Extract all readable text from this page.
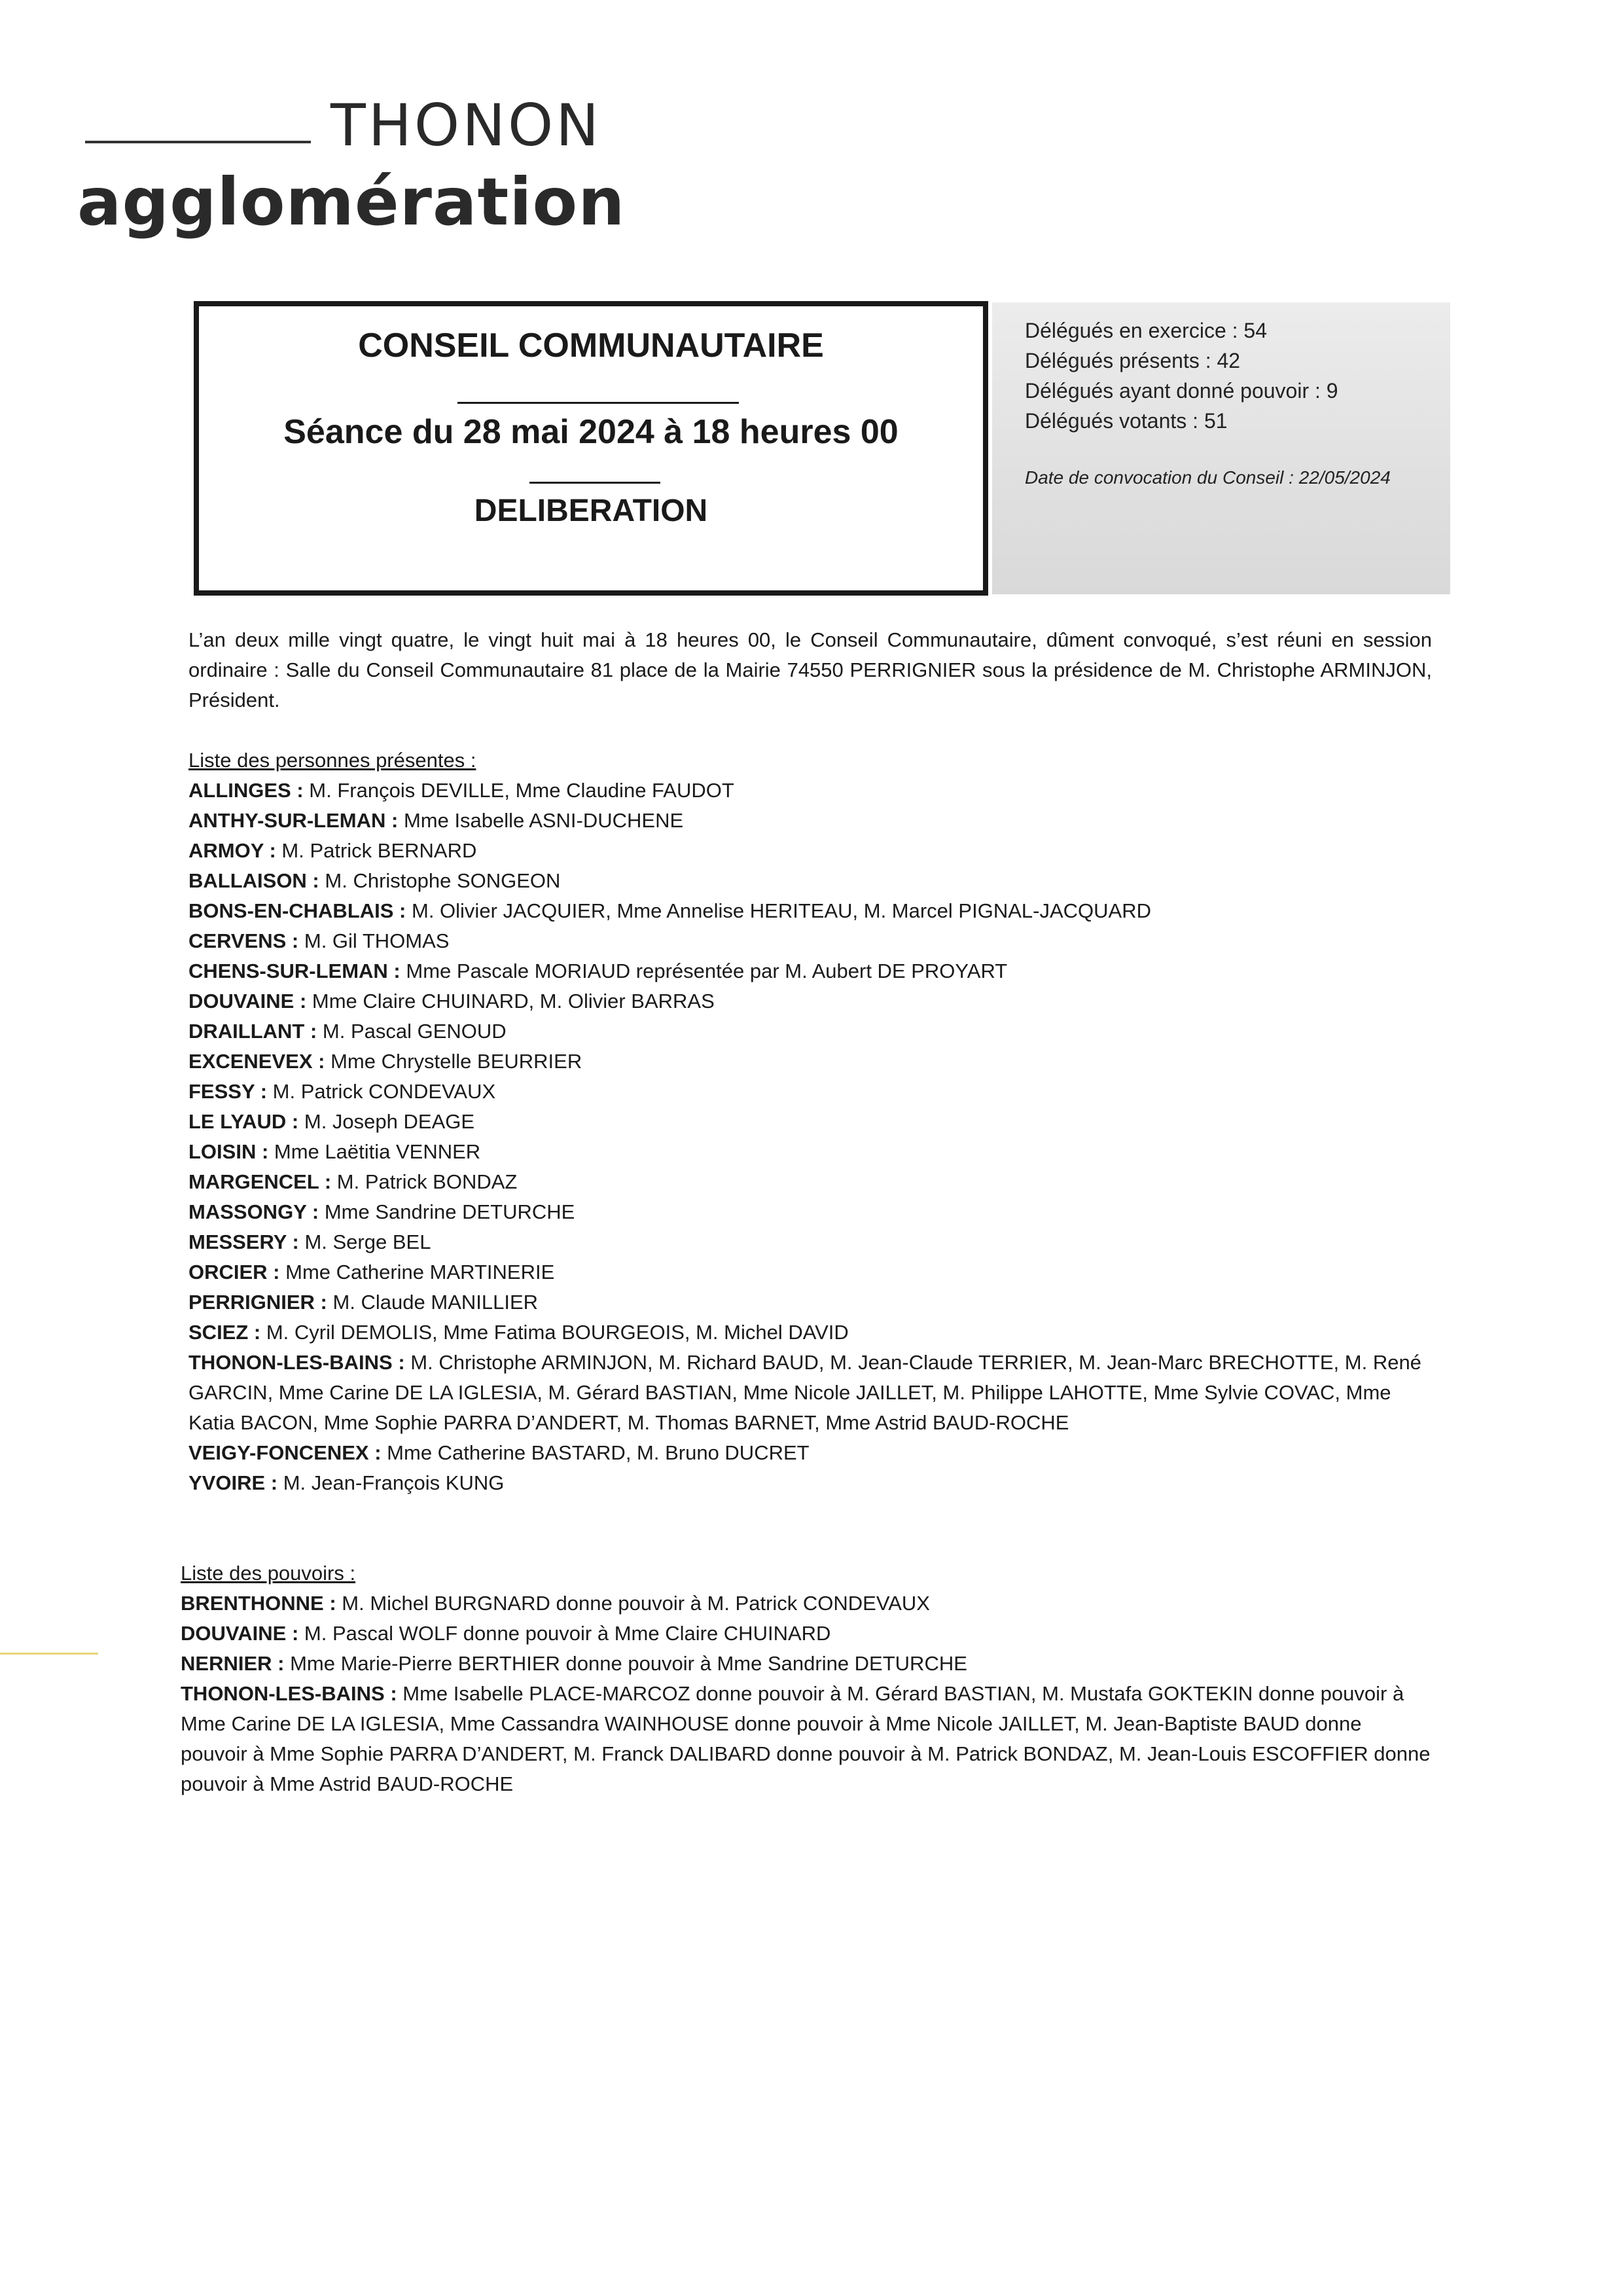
THONON
agglomération
CONSEIL COMMUNAUTAIRE
Séance du 28 mai 2024 à 18 heures 00
DELIBERATION
Délégués en exercice : 54
Délégués présents : 42
Délégués ayant donné pouvoir : 9
Délégués votants : 51
Date de convocation du Conseil : 22/05/2024

L’an deux mille vingt quatre, le vingt huit mai à 18 heures 00, le Conseil Communautaire, dûment convoqué, s’est réuni en session ordinaire : Salle du Conseil Communautaire 81 place de la Mairie 74550 PERRIGNIER sous la présidence de M. Christophe ARMINJON, Président.

Liste des personnes présentes :
ALLINGES : M. François DEVILLE, Mme Claudine FAUDOT
ANTHY-SUR-LEMAN : Mme Isabelle ASNI-DUCHENE
ARMOY : M. Patrick BERNARD
BALLAISON : M. Christophe SONGEON
BONS-EN-CHABLAIS : M. Olivier JACQUIER, Mme Annelise HERITEAU, M. Marcel PIGNAL-JACQUARD
CERVENS : M. Gil THOMAS
CHENS-SUR-LEMAN : Mme Pascale MORIAUD représentée par M. Aubert DE PROYART
DOUVAINE : Mme Claire CHUINARD, M. Olivier BARRAS
DRAILLANT : M. Pascal GENOUD
EXCENEVEX : Mme Chrystelle BEURRIER
FESSY : M. Patrick CONDEVAUX
LE LYAUD : M. Joseph DEAGE
LOISIN : Mme Laëtitia VENNER
MARGENCEL : M. Patrick BONDAZ
MASSONGY : Mme Sandrine DETURCHE
MESSERY : M. Serge BEL
ORCIER : Mme Catherine MARTINERIE
PERRIGNIER : M. Claude MANILLIER
SCIEZ : M. Cyril DEMOLIS, Mme Fatima BOURGEOIS, M. Michel DAVID
THONON-LES-BAINS : M. Christophe ARMINJON, M. Richard BAUD, M. Jean-Claude TERRIER, M. Jean-Marc BRECHOTTE, M. René GARCIN, Mme Carine DE LA IGLESIA, M. Gérard BASTIAN, Mme Nicole JAILLET, M. Philippe LAHOTTE, Mme Sylvie COVAC, Mme Katia BACON, Mme Sophie PARRA D’ANDERT, M. Thomas BARNET, Mme Astrid BAUD-ROCHE
VEIGY-FONCENEX : Mme Catherine BASTARD, M. Bruno DUCRET
YVOIRE : M. Jean-François KUNG
Liste des pouvoirs :
BRENTHONNE : M. Michel BURGNARD donne pouvoir à M. Patrick CONDEVAUX
DOUVAINE : M. Pascal WOLF donne pouvoir à Mme Claire CHUINARD
NERNIER : Mme Marie-Pierre BERTHIER donne pouvoir à Mme Sandrine DETURCHE
THONON-LES-BAINS : Mme Isabelle PLACE-MARCOZ donne pouvoir à M. Gérard BASTIAN, M. Mustafa GOKTEKIN donne pouvoir à Mme Carine DE LA IGLESIA, Mme Cassandra WAINHOUSE donne pouvoir à Mme Nicole JAILLET, M. Jean-Baptiste BAUD donne pouvoir à Mme Sophie PARRA D’ANDERT, M. Franck DALIBARD donne pouvoir à M. Patrick BONDAZ, M. Jean-Louis ESCOFFIER donne pouvoir à Mme Astrid BAUD-ROCHE
